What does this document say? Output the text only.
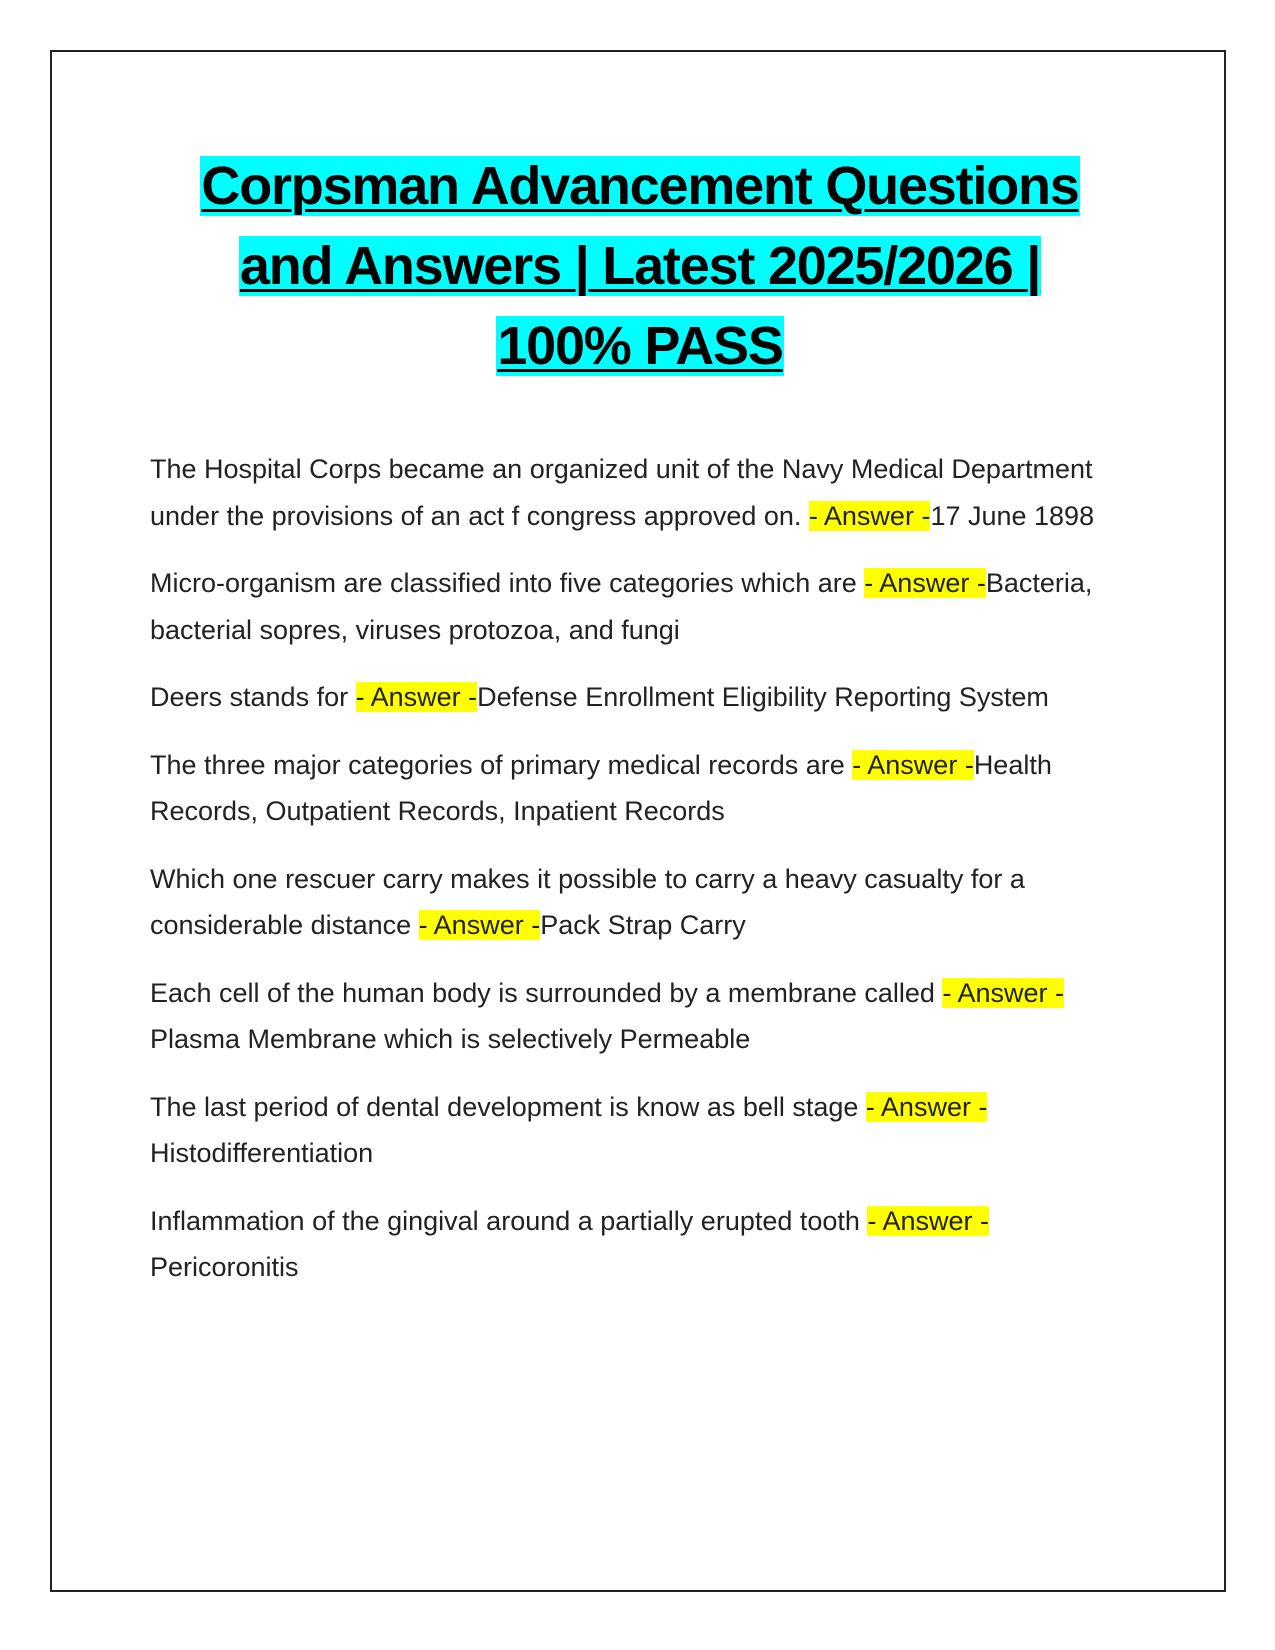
Corpsman Advancement Questions
and Answers | Latest 2025/2026 |
100% PASS

The Hospital Corps became an organized unit of the Navy Medical Department under the provisions of an act f congress approved on. - Answer -17 June 1898

Micro-organism are classified into five categories which are - Answer -Bacteria, bacterial sopres, viruses protozoa, and fungi

Deers stands for - Answer -Defense Enrollment Eligibility Reporting System

The three major categories of primary medical records are - Answer -Health Records, Outpatient Records, Inpatient Records

Which one rescuer carry makes it possible to carry a heavy casualty for a considerable distance - Answer -Pack Strap Carry

Each cell of the human body is surrounded by a membrane called - Answer -Plasma Membrane which is selectively Permeable

The last period of dental development is know as bell stage - Answer -Histodifferentiation

Inflammation of the gingival around a partially erupted tooth - Answer -Pericoronitis
